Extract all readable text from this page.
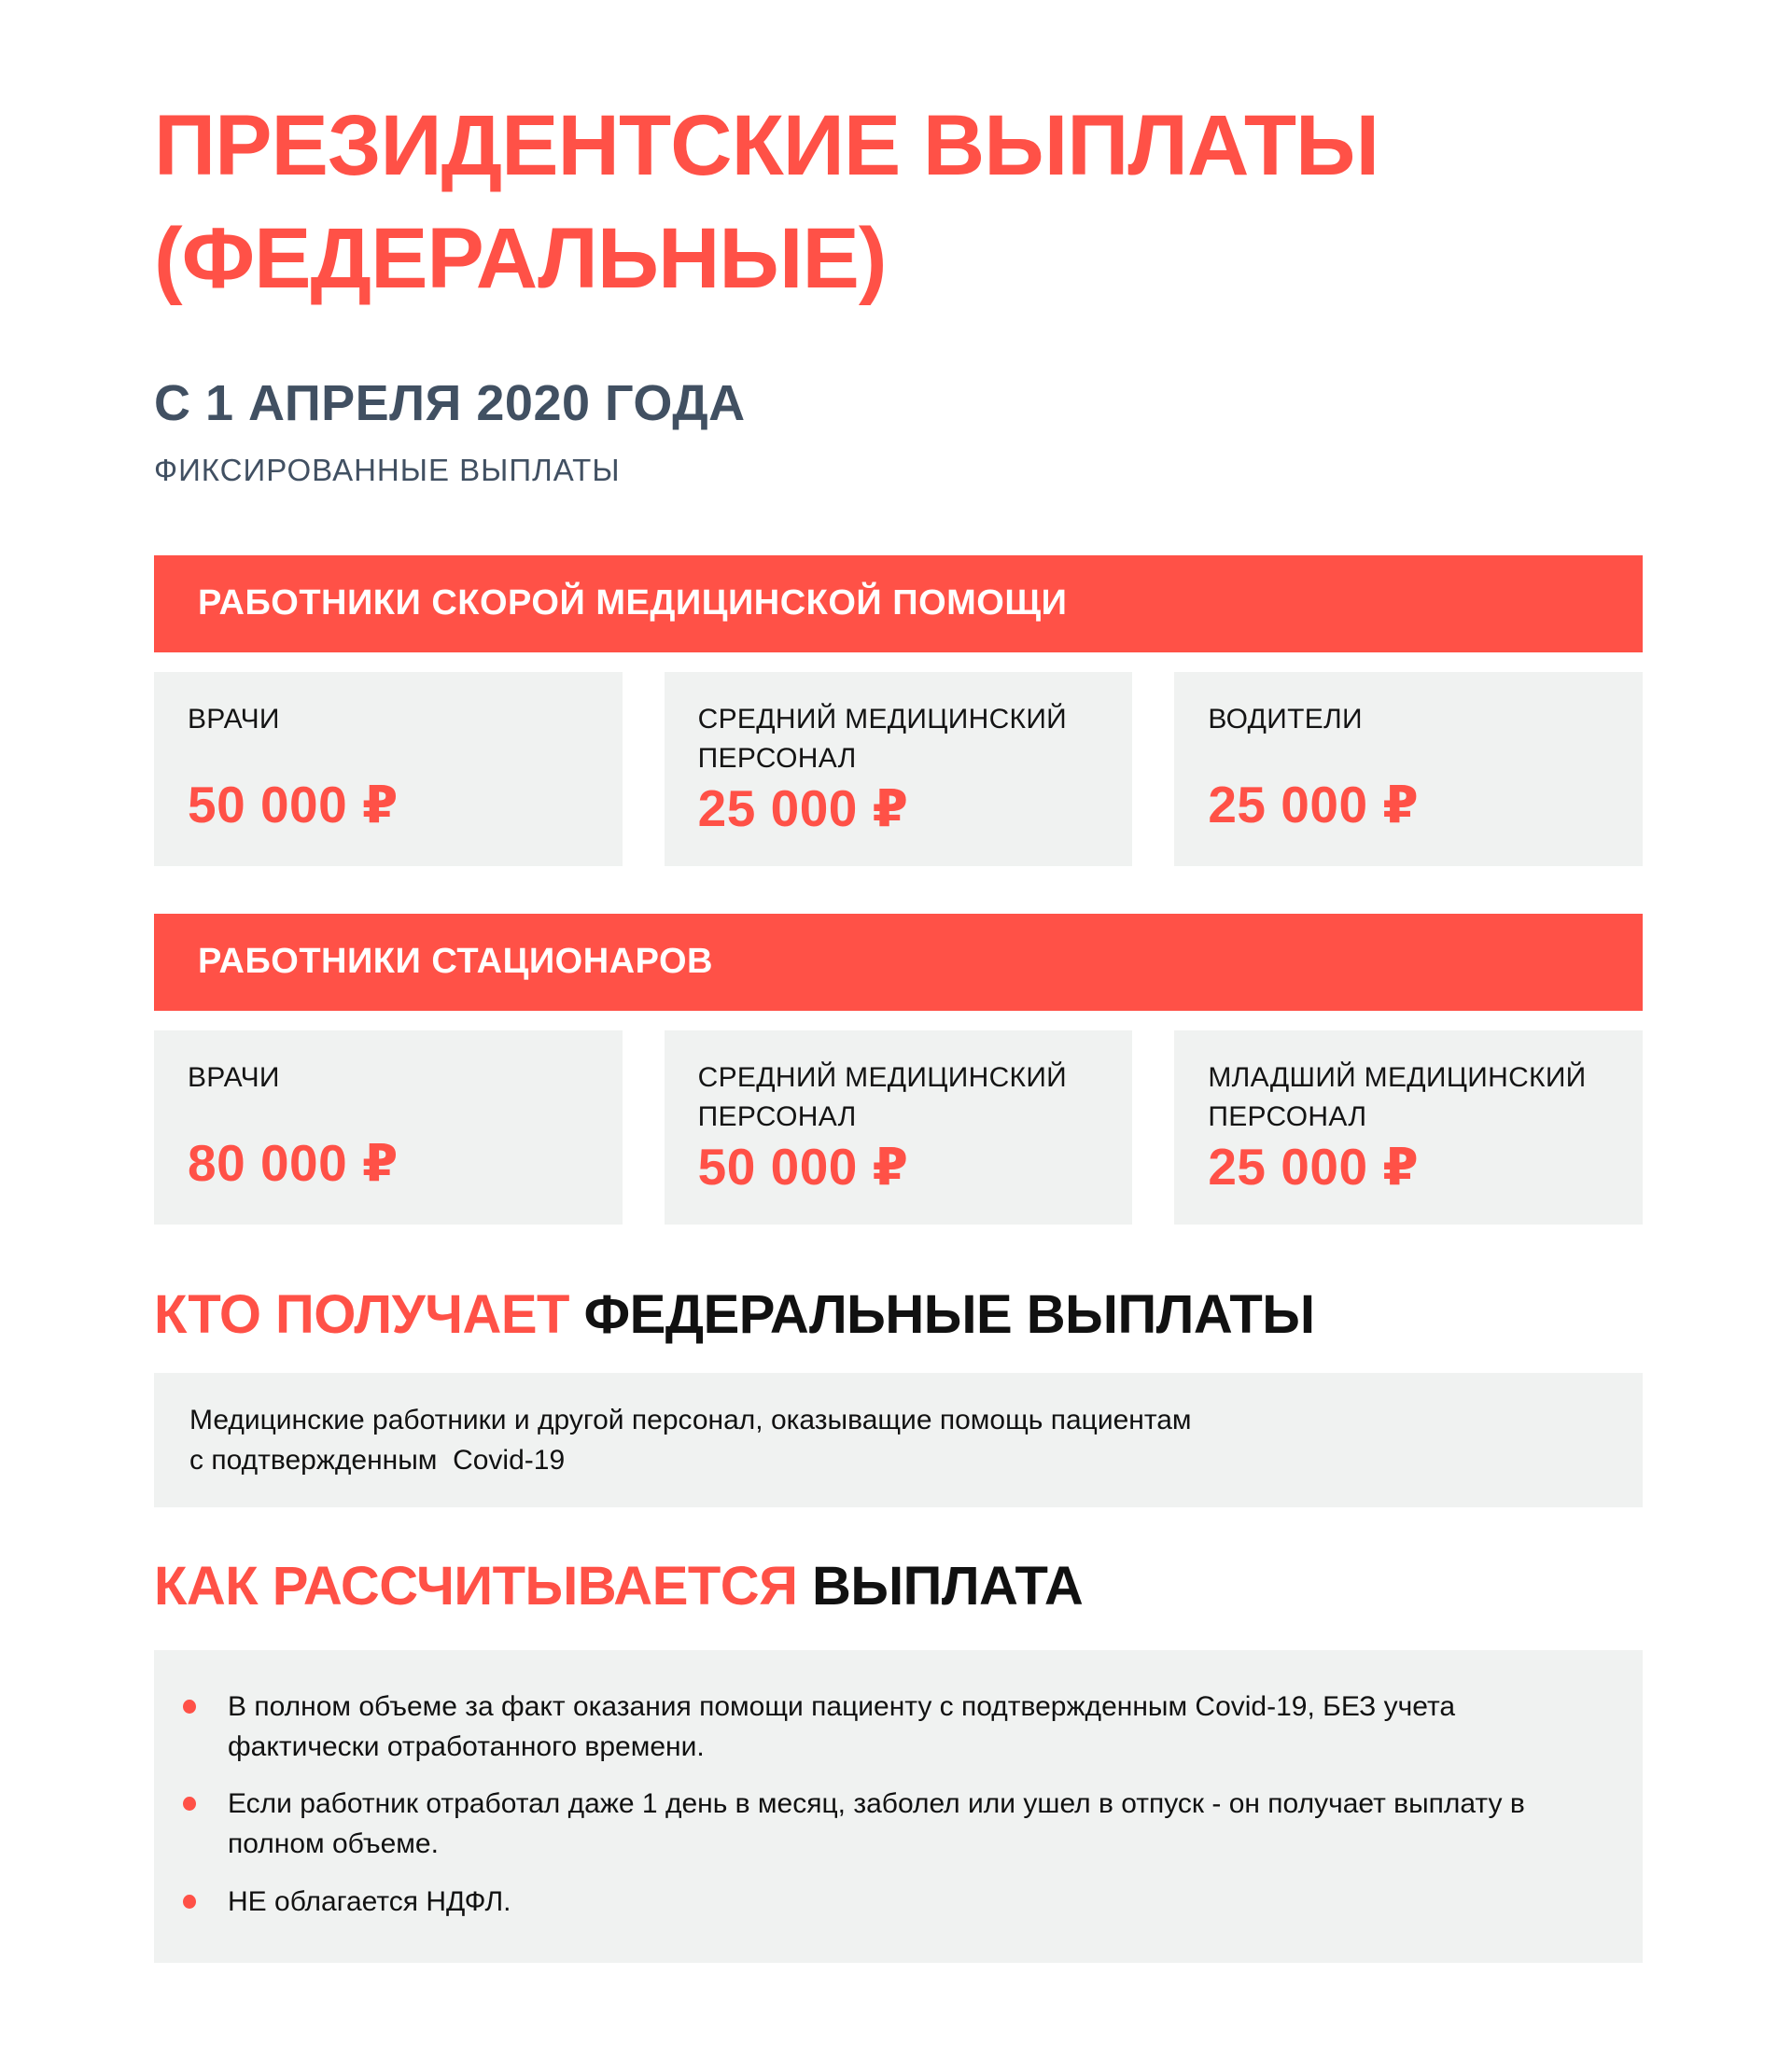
ПРЕЗИДЕНТСКИЕ ВЫПЛАТЫ
(ФЕДЕРАЛЬНЫЕ)
С 1 АПРЕЛЯ 2020 ГОДА
ФИКСИРОВАННЫЕ ВЫПЛАТЫ
РАБОТНИКИ СКОРОЙ МЕДИЦИНСКОЙ ПОМОЩИ
ВРАЧИ
50 000 ₽
СРЕДНИЙ МЕДИЦИНСКИЙ ПЕРСОНАЛ
25 000 ₽
ВОДИТЕЛИ
25 000 ₽
РАБОТНИКИ СТАЦИОНАРОВ
ВРАЧИ
80 000 ₽
СРЕДНИЙ МЕДИЦИНСКИЙ ПЕРСОНАЛ
50 000 ₽
МЛАДШИЙ МЕДИЦИНСКИЙ ПЕРСОНАЛ
25 000 ₽
КТО ПОЛУЧАЕТ ФЕДЕРАЛЬНЫЕ ВЫПЛАТЫ
Медицинские работники и другой персонал, оказыващие помощь пациентам
с подтвержденным  Covid-19
КАК РАССЧИТЫВАЕТСЯ ВЫПЛАТА
В полном объеме за факт оказания помощи пациенту с подтвержденным Covid-19, БЕЗ учета фактически отработанного времени.
Если работник отработал даже 1 день в месяц, заболел или ушел в отпуск - он получает выплату в полном объеме.
НЕ облагается НДФЛ.
